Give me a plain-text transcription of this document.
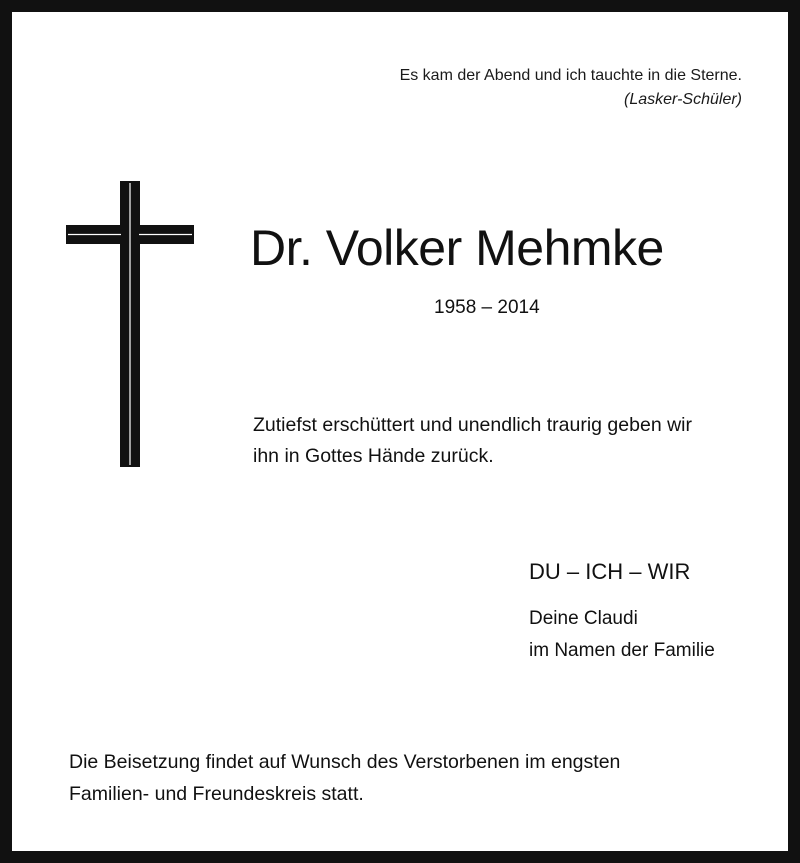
Es kam der Abend und ich tauchte in die Sterne.
(Lasker-Schüler)
Dr. Volker Mehmke
1958 – 2014
Zutiefst erschüttert und unendlich traurig geben wir
ihn in Gottes Hände zurück.
DU – ICH – WIR
Deine Claudi
im Namen der Familie
Die Beisetzung findet auf Wunsch des Verstorbenen im engsten
Familien- und Freundeskreis statt.
